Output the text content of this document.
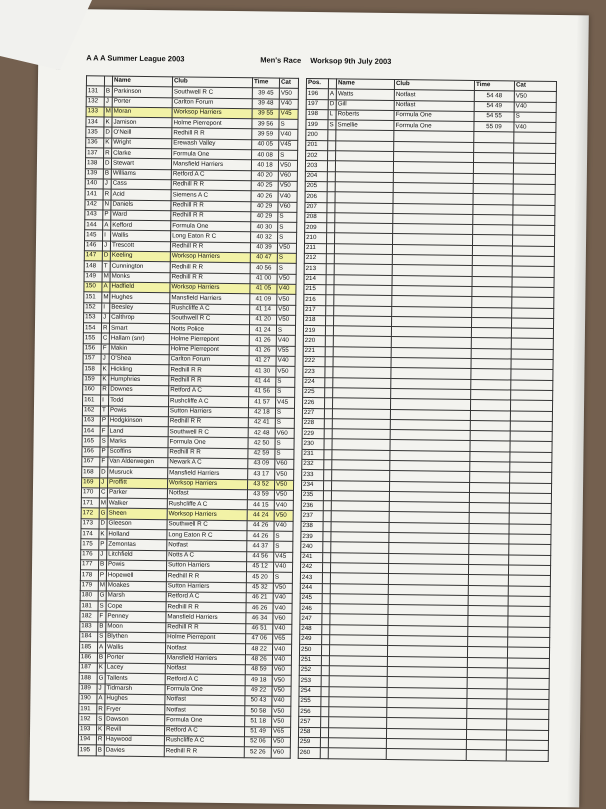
A A A Summer League 2003	Men's Race Worksop 9th July 2003
		Name	Club	Time	Cat
131	B	Parkinson	Southwell R C	39 45	V50
132	J	Porter	Carlton Forum	39 48	V40
133	M	Moran	Worksop Harriers	39 55	V45
134	K	Jamison	Holme Pierrepont	39 56	S
135	D	O'Neill	Redhill R R	39 59	V40
136	K	Wright	Erewash Valley	40 05	V45
137	R	Clarke	Formula One	40 08	S
138	D	Stewart	Mansfield Harriers	40 18	V50
139	B	Williams	Retford A C	40 20	V60
140	J	Cass	Redhill R R	40 25	V50
141	R	Acid	Siemens A C	40 26	V40
142	N	Daniels	Redhill R R	40 29	V60
143	P	Ward	Redhill R R	40 29	S
144	A	Kefford	Formula One	40 30	S
145	I	Wallis	Long Eaton R C	40 32	S
146	J	Trescott	Redhill R R	40 39	V50
147	D	Keeling	Worksop Harriers	40 47	S
148	T	Cunnington	Redhill R R	40 56	S
149	M	Monks	Redhill R R	41 00	V50
150	A	Hadfield	Worksop Harriers	41 05	V40
151	M	Hughes	Mansfield Harriers	41 09	V50
152	I	Beesley	Rushcliffe A C	41 14	V50
153	J	Calthrop	Southwell R C	41 20	V50
154	R	Smart	Notts Police	41 24	S
155	C	Hallam (snr)	Holme Pierrepont	41 26	V40
156	F	Makin	Holme Pierrepont	41 26	V55
157	J	O'Shea	Carlton Forum	41 27	V40
158	K	Hickling	Redhill R R	41 30	V50
159	K	Humphries	Redhill R R	41 44	S
160	R	Downes	Retford A C	41 56	S
161	I	Todd	Rushcliffe A C	41 57	V45
162	T	Powis	Sutton Harriers	42 18	S
163	P	Hodgkinson	Redhill R R	42 41	S
164	F	Land	Southwell R C	42 48	V60
165	S	Marks	Formula One	42 50	S
166	P	Scoffins	Redhill R R	42 59	S
167	F	Van Alderwegen	Newark A C	43 09	V60
168	D	Musruck	Mansfield Harriers	43 17	V50
169	J	Proffitt	Worksop Harriers	43 52	V50
170	C	Parker	Notfast	43 59	V50
171	M	Walker	Rushcliffe A C	44 15	V40
172	G	Sheen	Worksop Harriers	44 24	V50
173	D	Gleeson	Southwell R C	44 26	V40
174	K	Holland	Long Eaton R C	44 26	S
175	P	Zemontas	Notfast	44 37	S
176	J	Litchfield	Notts A C	44 56	V45
177	B	Powis	Sutton Harriers	45 12	V40
178	P	Hopewell	Redhill R R	45 20	S
179	M	Moakes	Sutton Harriers	45 32	V50
180	G	Marsh	Retford A C	46 21	V40
181	S	Cope	Redhill R R	46 26	V40
182	F	Penney	Mansfield Harriers	46 34	V60
183	B	Moon	Redhill R R	46 51	V40
184	S	Blythen	Holme Pierrepont	47 06	V65
185	A	Wallis	Notfast	48 22	V40
186	B	Porter	Mansfield Harriers	48 26	V40
187	K	Lacey	Notfast	48 59	V60
188	G	Tallents	Retford A C	49 18	V50
189	J	Tidmarsh	Formula One	49 22	V50
190	A	Hughes	Notfast	50 43	V40
191	R	Fryer	Notfast	50 58	V50
192	S	Dawson	Formula One	51 18	V50
193	K	Revill	Retford A C	51 49	V65
194	R	Haywood	Rushcliffe A C	52 06	V50
195	B	Davies	Redhill R R	52 26	V60
Pos.		Name	Club	Time	Cat
196	A	Watts	Notfast	54 48	V50
197	D	Gill	Notfast	54 49	V40
198	L	Roberts	Formula One	54 55	S
199	S	Smellie	Formula One	55 09	V40
200					
201					
202					
203					
204					
205					
206					
207					
208					
209					
210					
211					
212					
213					
214					
215					
216					
217					
218					
219					
220					
221					
222					
223					
224					
225					
226					
227					
228					
229					
230					
231					
232					
233					
234					
235					
236					
237					
238					
239					
240					
241					
242					
243					
244					
245					
246					
247					
248					
249					
250					
251					
252					
253					
254					
255					
256					
257					
258					
259					
260					
